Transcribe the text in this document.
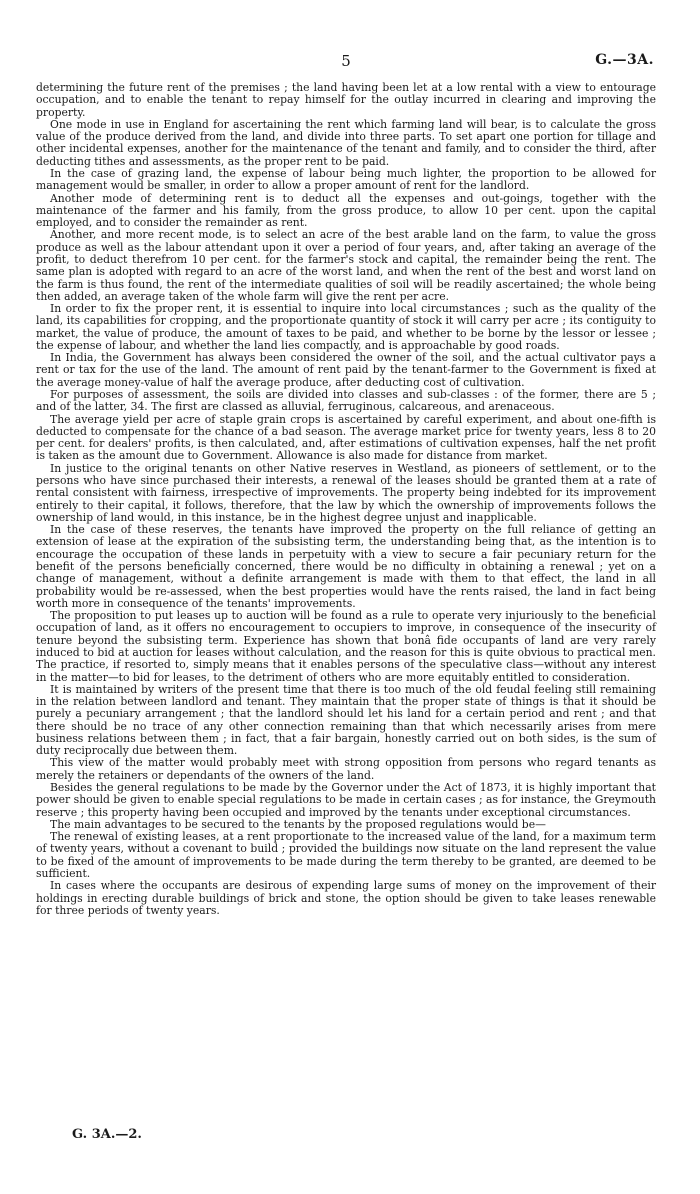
5	G.—3A.

determining the future rent of the premises ; the land having been let at a low rental with a view to entourage occupation, and to enable the tenant to repay himself for the outlay incurred in clearing and improving the property.

One mode in use in England for ascertaining the rent which farming land will bear, is to calculate the gross value of the produce derived from the land, and divide into three parts. To set apart one portion for tillage and other incidental expenses, another for the maintenance of the tenant and family, and to consider the third, after deducting tithes and assessments, as the proper rent to be paid.

In the case of grazing land, the expense of labour being much lighter, the proportion to be allowed for management would be smaller, in order to allow a proper amount of rent for the landlord.

Another mode of determining rent is to deduct all the expenses and out-goings, together with the maintenance of the farmer and his family, from the gross produce, to allow 10 per cent. upon the capital employed, and to consider the remainder as rent.

Another, and more recent mode, is to select an acre of the best arable land on the farm, to value the gross produce as well as the labour attendant upon it over a period of four years, and, after taking an average of the profit, to deduct therefrom 10 per cent. for the farmer's stock and capital, the remainder being the rent. The same plan is adopted with regard to an acre of the worst land, and when the rent of the best and worst land on the farm is thus found, the rent of the intermediate qualities of soil will be readily ascertained; the whole being then added, an average taken of the whole farm will give the rent per acre.

In order to fix the proper rent, it is essential to inquire into local circumstances ; such as the quality of the land, its capabilities for cropping, and the proportionate quantity of stock it will carry per acre ; its contiguity to market, the value of produce, the amount of taxes to be paid, and whether to be borne by the lessor or lessee ; the expense of labour, and whether the land lies compactly, and is approachable by good roads.

In India, the Government has always been considered the owner of the soil, and the actual cultivator pays a rent or tax for the use of the land. The amount of rent paid by the tenant-farmer to the Government is fixed at the average money-value of half the average produce, after deducting cost of cultivation.

For purposes of assessment, the soils are divided into classes and sub-classes : of the former, there are 5 ; and of the latter, 34. The first are classed as alluvial, ferruginous, calcareous, and arenaceous.

The average yield per acre of staple grain crops is ascertained by careful experiment, and about one-fifth is deducted to compensate for the chance of a bad season. The average market price for twenty years, less 8 to 20 per cent. for dealers' profits, is then calculated, and, after estimations of cultivation expenses, half the net profit is taken as the amount due to Government. Allowance is also made for distance from market.

In justice to the original tenants on other Native reserves in Westland, as pioneers of settlement, or to the persons who have since purchased their interests, a renewal of the leases should be granted them at a rate of rental consistent with fairness, irrespective of improvements. The property being indebted for its improvement entirely to their capital, it follows, therefore, that the law by which the ownership of improvements follows the ownership of land would, in this instance, be in the highest degree unjust and inapplicable.

In the case of these reserves, the tenants have improved the property on the full reliance of getting an extension of lease at the expiration of the subsisting term, the understanding being that, as the intention is to encourage the occupation of these lands in perpetuity with a view to secure a fair pecuniary return for the benefit of the persons beneficially concerned, there would be no difficulty in obtaining a renewal ; yet on a change of management, without a definite arrangement is made with them to that effect, the land in all probability would be re-assessed, when the best properties would have the rents raised, the land in fact being worth more in consequence of the tenants' improvements.

The proposition to put leases up to auction will be found as a rule to operate very injuriously to the beneficial occupation of land, as it offers no encouragement to occupiers to improve, in consequence of the insecurity of tenure beyond the subsisting term. Experience has shown that bonâ fide occupants of land are very rarely induced to bid at auction for leases without calculation, and the reason for this is quite obvious to practical men. The practice, if resorted to, simply means that it enables persons of the speculative class—without any interest in the matter—to bid for leases, to the detriment of others who are more equitably entitled to consideration.

It is maintained by writers of the present time that there is too much of the old feudal feeling still remaining in the relation between landlord and tenant. They maintain that the proper state of things is that it should be purely a pecuniary arrangement ; that the landlord should let his land for a certain period and rent ; and that there should be no trace of any other connection remaining than that which necessarily arises from mere business relations between them ; in fact, that a fair bargain, honestly carried out on both sides, is the sum of duty reciprocally due between them.

This view of the matter would probably meet with strong opposition from persons who regard tenants as merely the retainers or dependants of the owners of the land.

Besides the general regulations to be made by the Governor under the Act of 1873, it is highly important that power should be given to enable special regulations to be made in certain cases ; as for instance, the Greymouth reserve ; this property having been occupied and improved by the tenants under exceptional circumstances.

The main advantages to be secured to the tenants by the proposed regulations would be—

The renewal of existing leases, at a rent proportionate to the increased value of the land, for a maximum term of twenty years, without a covenant to build ; provided the buildings now situate on the land represent the value to be fixed of the amount of improvements to be made during the term thereby to be granted, are deemed to be sufficient.

In cases where the occupants are desirous of expending large sums of money on the improvement of their holdings in erecting durable buildings of brick and stone, the option should be given to take leases renewable for three periods of twenty years.

G. 3A.—2.
